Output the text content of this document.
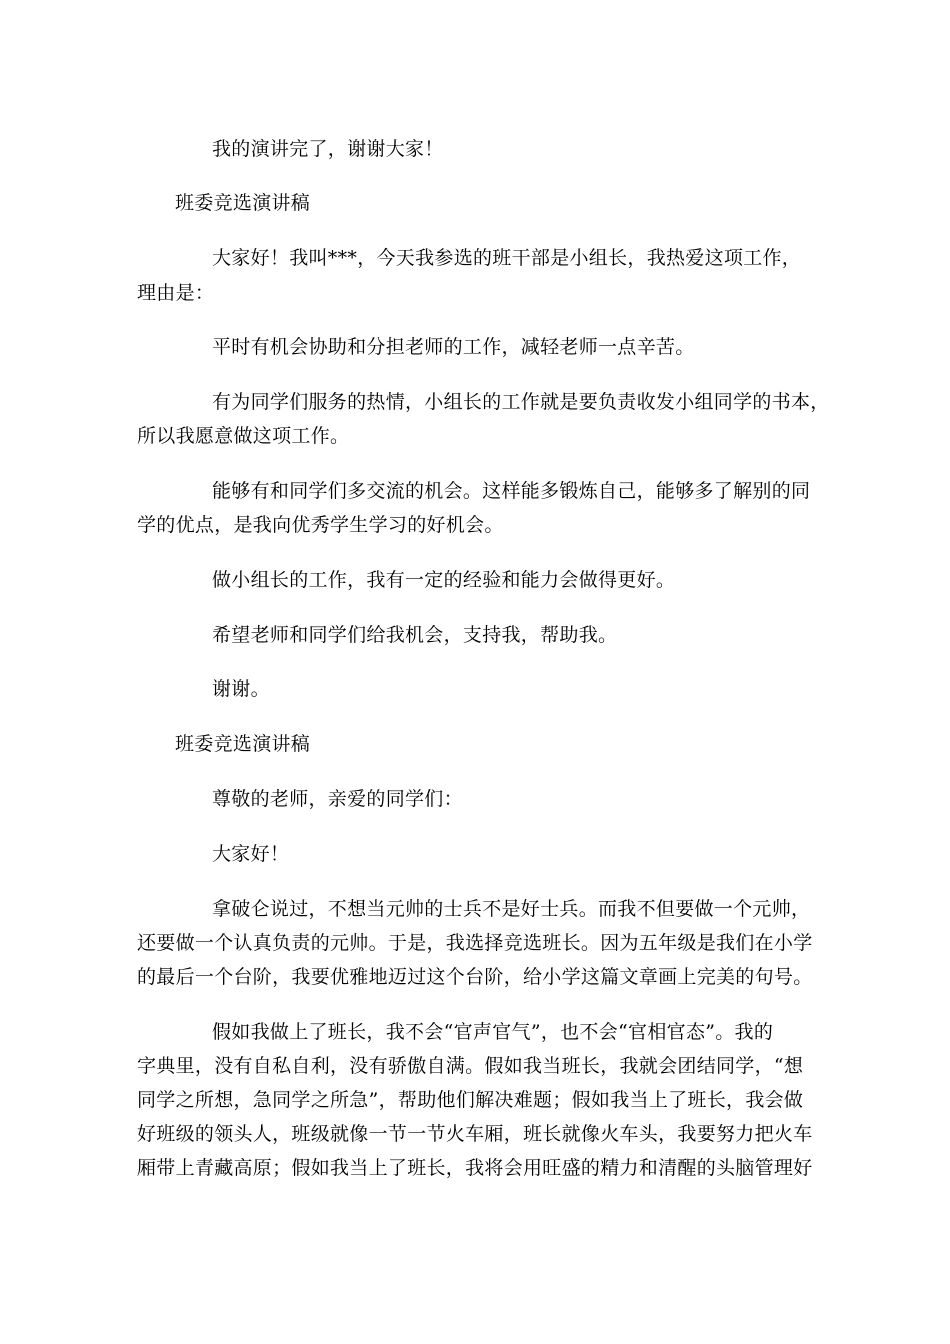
我的演讲完了，谢谢大家！
班委竞选演讲稿
大家好！我叫***，今天我参选的班干部是小组长，我热爱这项工作，
理由是：
平时有机会协助和分担老师的工作，减轻老师一点辛苦。
有为同学们服务的热情，小组长的工作就是要负责收发小组同学的书本，
所以我愿意做这项工作。
能够有和同学们多交流的机会。这样能多锻炼自己，能够多了解别的同
学的优点，是我向优秀学生学习的好机会。
做小组长的工作，我有一定的经验和能力会做得更好。
希望老师和同学们给我机会，支持我，帮助我。
谢谢。
班委竞选演讲稿
尊敬的老师，亲爱的同学们：
大家好！
拿破仑说过，不想当元帅的士兵不是好士兵。而我不但要做一个元帅，
还要做一个认真负责的元帅。于是，我选择竞选班长。因为五年级是我们在小学
的最后一个台阶，我要优雅地迈过这个台阶，给小学这篇文章画上完美的句号。
假如我做上了班长，我不会“官声官气”，也不会“官相官态”。我的
字典里，没有自私自利，没有骄傲自满。假如我当班长，我就会团结同学，“想
同学之所想，急同学之所急”，帮助他们解决难题；假如我当上了班长，我会做
好班级的领头人，班级就像一节一节火车厢，班长就像火车头，我要努力把火车
厢带上青藏高原；假如我当上了班长，我将会用旺盛的精力和清醒的头脑管理好
